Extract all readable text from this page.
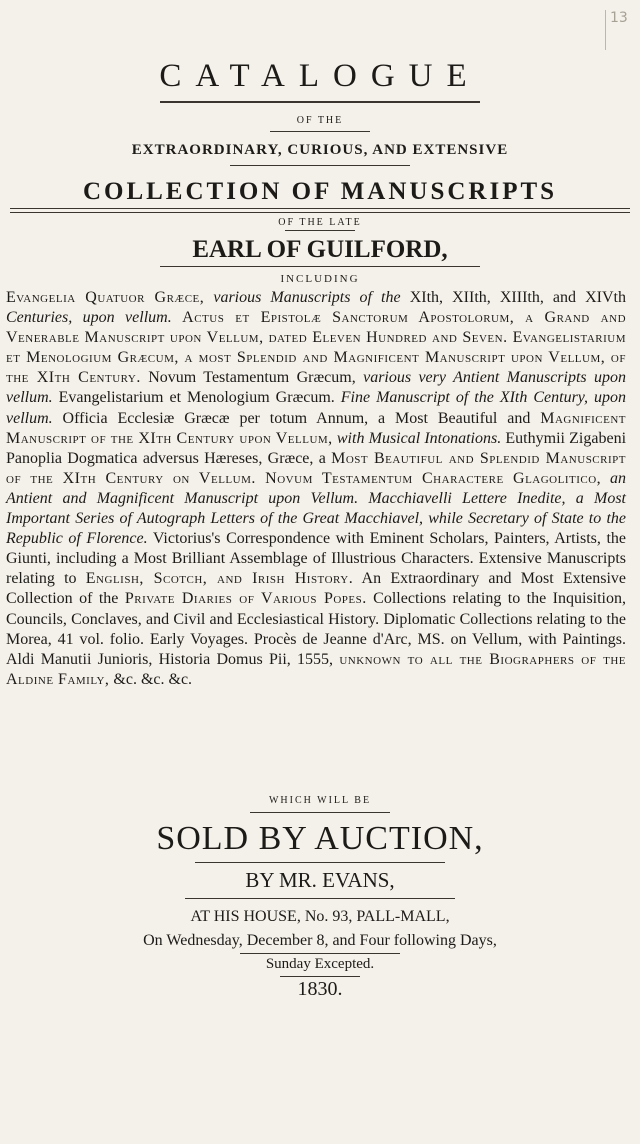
13
CATALOGUE
OF THE
EXTRAORDINARY, CURIOUS, AND EXTENSIVE
COLLECTION OF MANUSCRIPTS
OF THE LATE
EARL OF GUILFORD,
INCLUDING
Evangelia Quatuor Græce, various Manuscripts of the XIth, XIIth, XIIIth, and XIVth Centuries, upon vellum. Actus et Epistolæ Sanctorum Apostolorum, a Grand and Venerable Manuscript upon Vellum, dated Eleven Hundred and Seven. Evangelistarium et Menologium Græcum, a most Splendid and Magnificent Manuscript upon Vellum, of the XIth Century. Novum Testamentum Græcum, various very Antient Manuscripts upon vellum. Evangelistarium et Menologium Græcum. Fine Manuscript of the XIth Century, upon vellum. Officia Ecclesiæ Græcæ per totum Annum, a Most Beautiful and Magnificent Manuscript of the XIth Century upon Vellum, with Musical Intonations. Euthymii Zigabeni Panoplia Dogmatica adversus Hæreses, Græce, a Most Beautiful and Splendid Manuscript of the XIth Century on Vellum. Novum Testamentum Charactere Glagolitico, an Antient and Magnificent Manuscript upon Vellum. Macchiavelli Lettere Inedite, a Most Important Series of Autograph Letters of the Great Macchiavel, while Secretary of State to the Republic of Florence. Victorius's Correspondence with Eminent Scholars, Painters, Artists, the Giunti, including a Most Brilliant Assemblage of Illustrious Characters. Extensive Manuscripts relating to English, Scotch, and Irish History. An Extraordinary and Most Extensive Collection of the Private Diaries of Various Popes. Collections relating to the Inquisition, Councils, Conclaves, and Civil and Ecclesiastical History. Diplomatic Collections relating to the Morea, 41 vol. folio. Early Voyages. Procès de Jeanne d'Arc, MS. on Vellum, with Paintings. Aldi Manutii Junioris, Historia Domus Pii, 1555, unknown to all the Biographers of the Aldine Family, &c. &c. &c.
WHICH WILL BE
SOLD BY AUCTION,
BY MR. EVANS,
AT HIS HOUSE, No. 93, PALL-MALL,
On Wednesday, December 8, and Four following Days,
Sunday Excepted.
1830.
